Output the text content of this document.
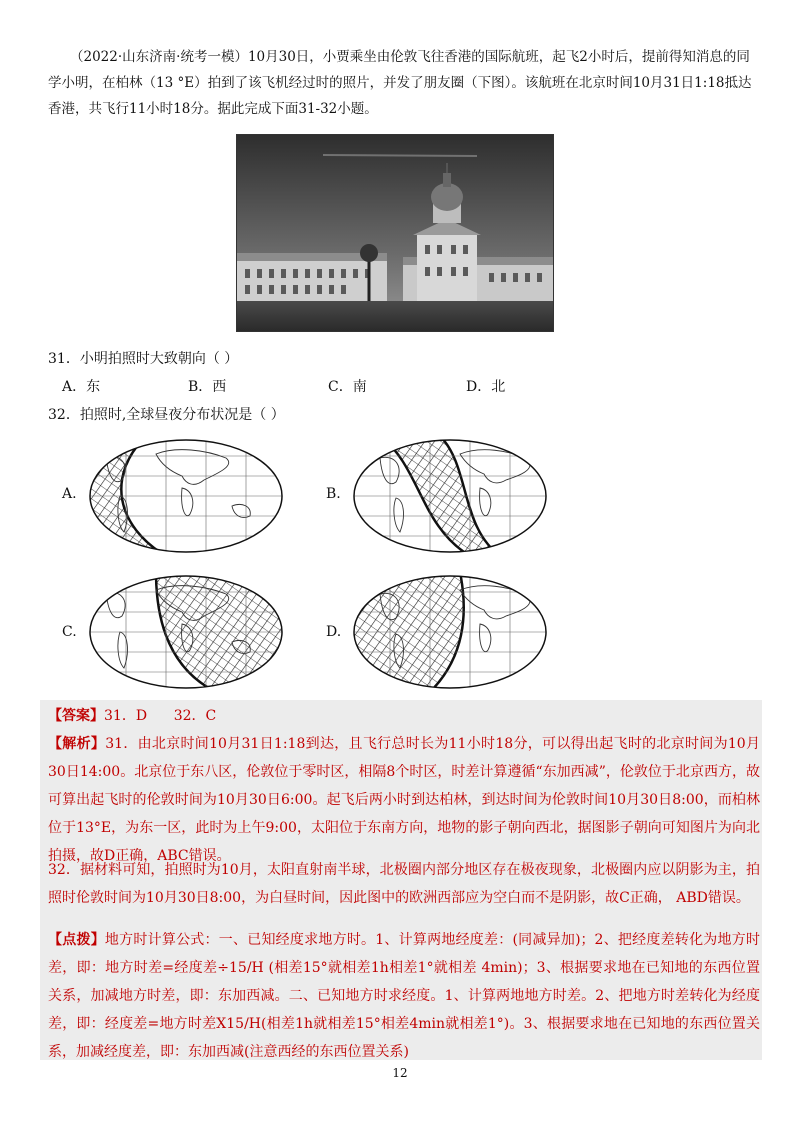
（2022·山东济南·统考一模）10月30日，小贾乘坐由伦敦飞往香港的国际航班，起飞2小时后，提前得知消息的同学小明，在柏林（13 °E）拍到了该飞机经过时的照片，并发了朋友圈（下图）。该航班在北京时间10月31日1:18抵达香港，共飞行11小时18分。据此完成下面31-32小题。
31．小明拍照时大致朝向（ ）
A．东	B．西	C．南	D．北
32．拍照时,全球昼夜分布状况是（ ）
A.	B.
C.	D.
【答案】31．D      32．C
【解析】31．由北京时间10月31日1:18到达，且飞行总时长为11小时18分，可以得出起飞时的北京时间为10月30日14:00。北京位于东八区，伦敦位于零时区，相隔8个时区，时差计算遵循“东加西减”，伦敦位于北京西方，故可算出起飞时的伦敦时间为10月30日6:00。起飞后两小时到达柏林，到达时间为伦敦时间10月30日8:00，而柏林位于13°E，为东一区，此时为上午9:00，太阳位于东南方向，地物的影子朝向西北，据图影子朝向可知图片为向北拍摄，故D正确，ABC错误。
32．据材料可知，拍照时为10月，太阳直射南半球，北极圈内部分地区存在极夜现象，北极圈内应以阴影为主，拍照时伦敦时间为10月30日8:00，为白昼时间，因此图中的欧洲西部应为空白而不是阴影，故C正确， ABD错误。
【点拨】地方时计算公式：一、已知经度求地方时。1、计算两地经度差：(同减异加)；2、把经度差转化为地方时差，即：地方时差=经度差÷15/H (相差15°就相差1h相差1°就相差 4min)；3、根据要求地在已知地的东西位置关系，加减地方时差，即：东加西减。二、已知地方时求经度。1、计算两地地方时差。2、把地方时差转化为经度差，即：经度差=地方时差X15/H(相差1h就相差15°相差4min就相差1°)。3、根据要求地在已知地的东西位置关系，加减经度差，即：东加西减(注意西经的东西位置关系)
12
